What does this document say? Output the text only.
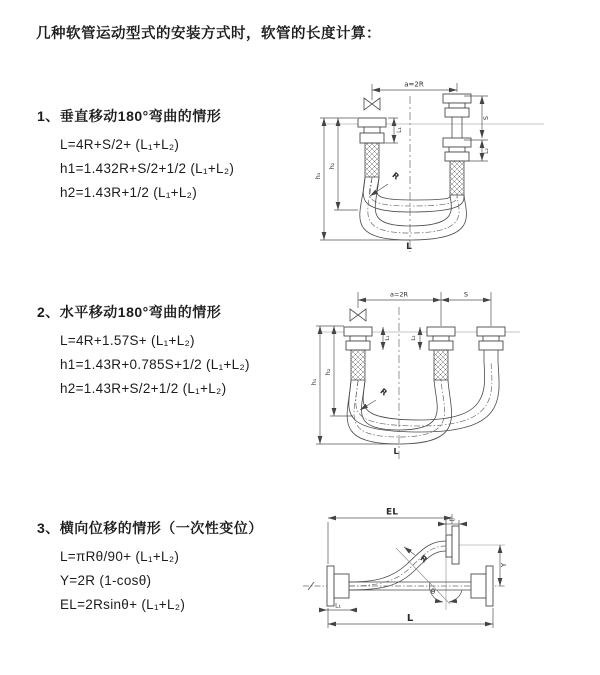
几种软管运动型式的安装方式时，软管的长度计算：
1、垂直移动180°弯曲的情形
L=4R+S/2+ (L₁+L₂)
h1=1.432R+S/2+1/2 (L₁+L₂)
h2=1.43R+1/2 (L₁+L₂)
2、水平移动180°弯曲的情形
L=4R+1.57S+ (L₁+L₂)
h1=1.43R+0.785S+1/2 (L₁+L₂)
h2=1.43R+S/2+1/2 (L₁+L₂)
3、横向位移的情形（一次性变位）
L=πRθ/90+ (L₁+L₂)
Y=2R (1-cosθ)
EL=2Rsinθ+ (L₁+L₂)
a=2R
S
L₂
L₁
h₁
h₂
R
L
a=2R	S
L₁	L₂
h₁
h₂
R
L
EL
L₂
Y
R
θ
L₁
L
